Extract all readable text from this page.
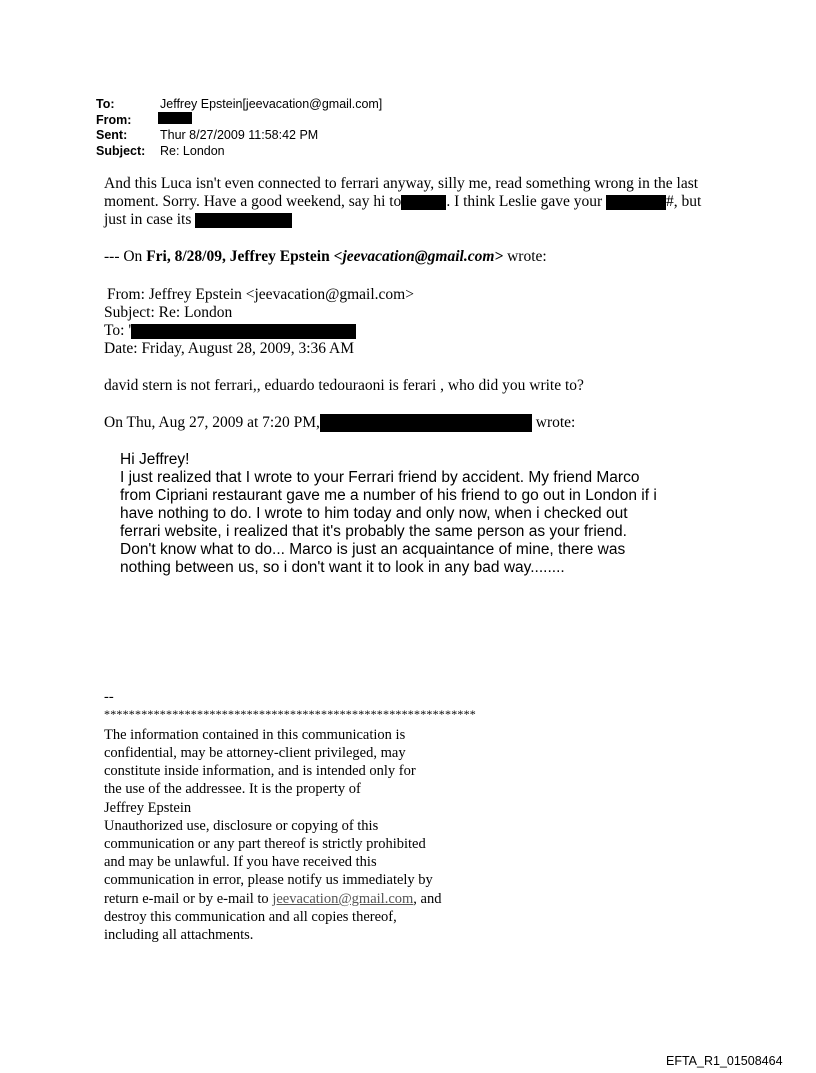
To:	Jeffrey Epstein[jeevacation@gmail.com]
From:
Sent:	Thur 8/27/2009 11:58:42 PM
Subject: Re: London
And this Luca isn't even connected to ferrari anyway, silly me, read something wrong in the last
moment. Sorry. Have a good weekend, say hi to	. I think Leslie gave your	#, but
just in case its
--- On Fri, 8/28/09, Jeffrey Epstein <jeevacation@gmail.com> wrote:
From: Jeffrey Epstein <jeevacation@gmail.com>
Subject: Re: London
To: '
Date: Friday, August 28, 2009, 3:36 AM
david stern is not ferrari,, eduardo tedouraoni is ferari , who did you write to?
On Thu, Aug 27, 2009 at 7:20 PM,	wrote:
Hi Jeffrey!
I just realized that I wrote to your Ferrari friend by accident. My friend Marco
from Cipriani restaurant gave me a number of his friend to go out in London if i
have nothing to do. I wrote to him today and only now, when i checked out
ferrari website, i realized that it's probably the same person as your friend.
Don't know what to do... Marco is just an acquaintance of mine, there was
nothing between us, so i don't want it to look in any bad way........
--
************************************************************
The information contained in this communication is
confidential, may be attorney-client privileged, may
constitute inside information, and is intended only for
the use of the addressee. It is the property of
Jeffrey Epstein
Unauthorized use, disclosure or copying of this
communication or any part thereof is strictly prohibited
and may be unlawful. If you have received this
communication in error, please notify us immediately by
return e-mail or by e-mail to jeevacation@gmail.com, and
destroy this communication and all copies thereof,
including all attachments.
EFTA_R1_01508464
